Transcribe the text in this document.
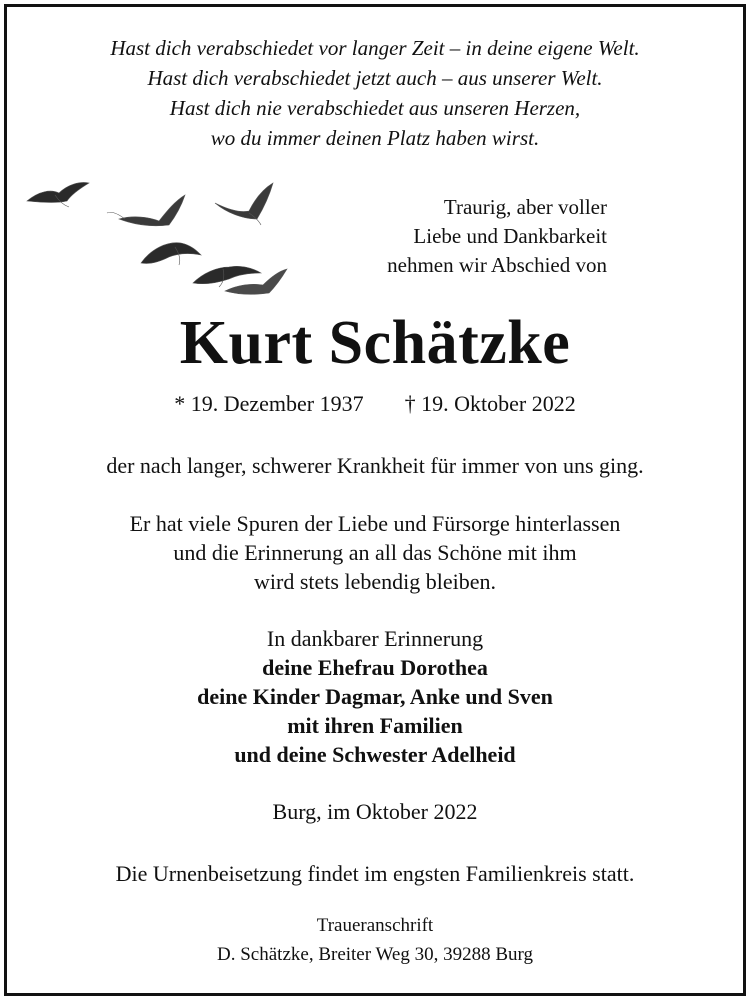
Hast dich verabschiedet vor langer Zeit – in deine eigene Welt.
Hast dich verabschiedet jetzt auch – aus unserer Welt.
Hast dich nie verabschiedet aus unseren Herzen,
wo du immer deinen Platz haben wirst.
Traurig, aber voller
Liebe und Dankbarkeit
nehmen wir Abschied von
Kurt Schätzke
* 19. Dezember 1937 † 19. Oktober 2022
der nach langer, schwerer Krankheit für immer von uns ging.
Er hat viele Spuren der Liebe und Fürsorge hinterlassen
und die Erinnerung an all das Schöne mit ihm
wird stets lebendig bleiben.
In dankbarer Erinnerung
deine Ehefrau Dorothea
deine Kinder Dagmar, Anke und Sven
mit ihren Familien
und deine Schwester Adelheid
Burg, im Oktober 2022
Die Urnenbeisetzung findet im engsten Familienkreis statt.
Traueranschrift
D. Schätzke, Breiter Weg 30, 39288 Burg
